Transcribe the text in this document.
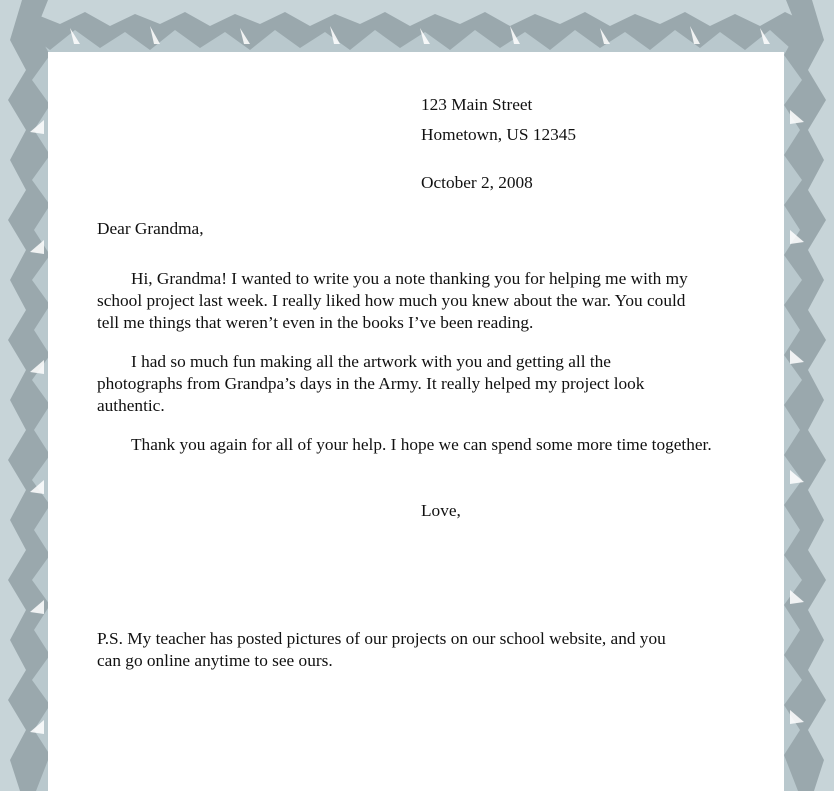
123 Main Street
Hometown, US 12345
October 2, 2008
Dear Grandma,
Hi, Grandma! I wanted to write you a note thanking you for helping me with my
school project last week. I really liked how much you knew about the war. You could
tell me things that weren’t even in the books I’ve been reading.
I had so much fun making all the artwork with you and getting all the
photographs from Grandpa’s days in the Army. It really helped my project look
authentic.
Thank you again for all of your help. I hope we can spend some more time together.
Love,
P.S. My teacher has posted pictures of our projects on our school website, and you
can go online anytime to see ours.
